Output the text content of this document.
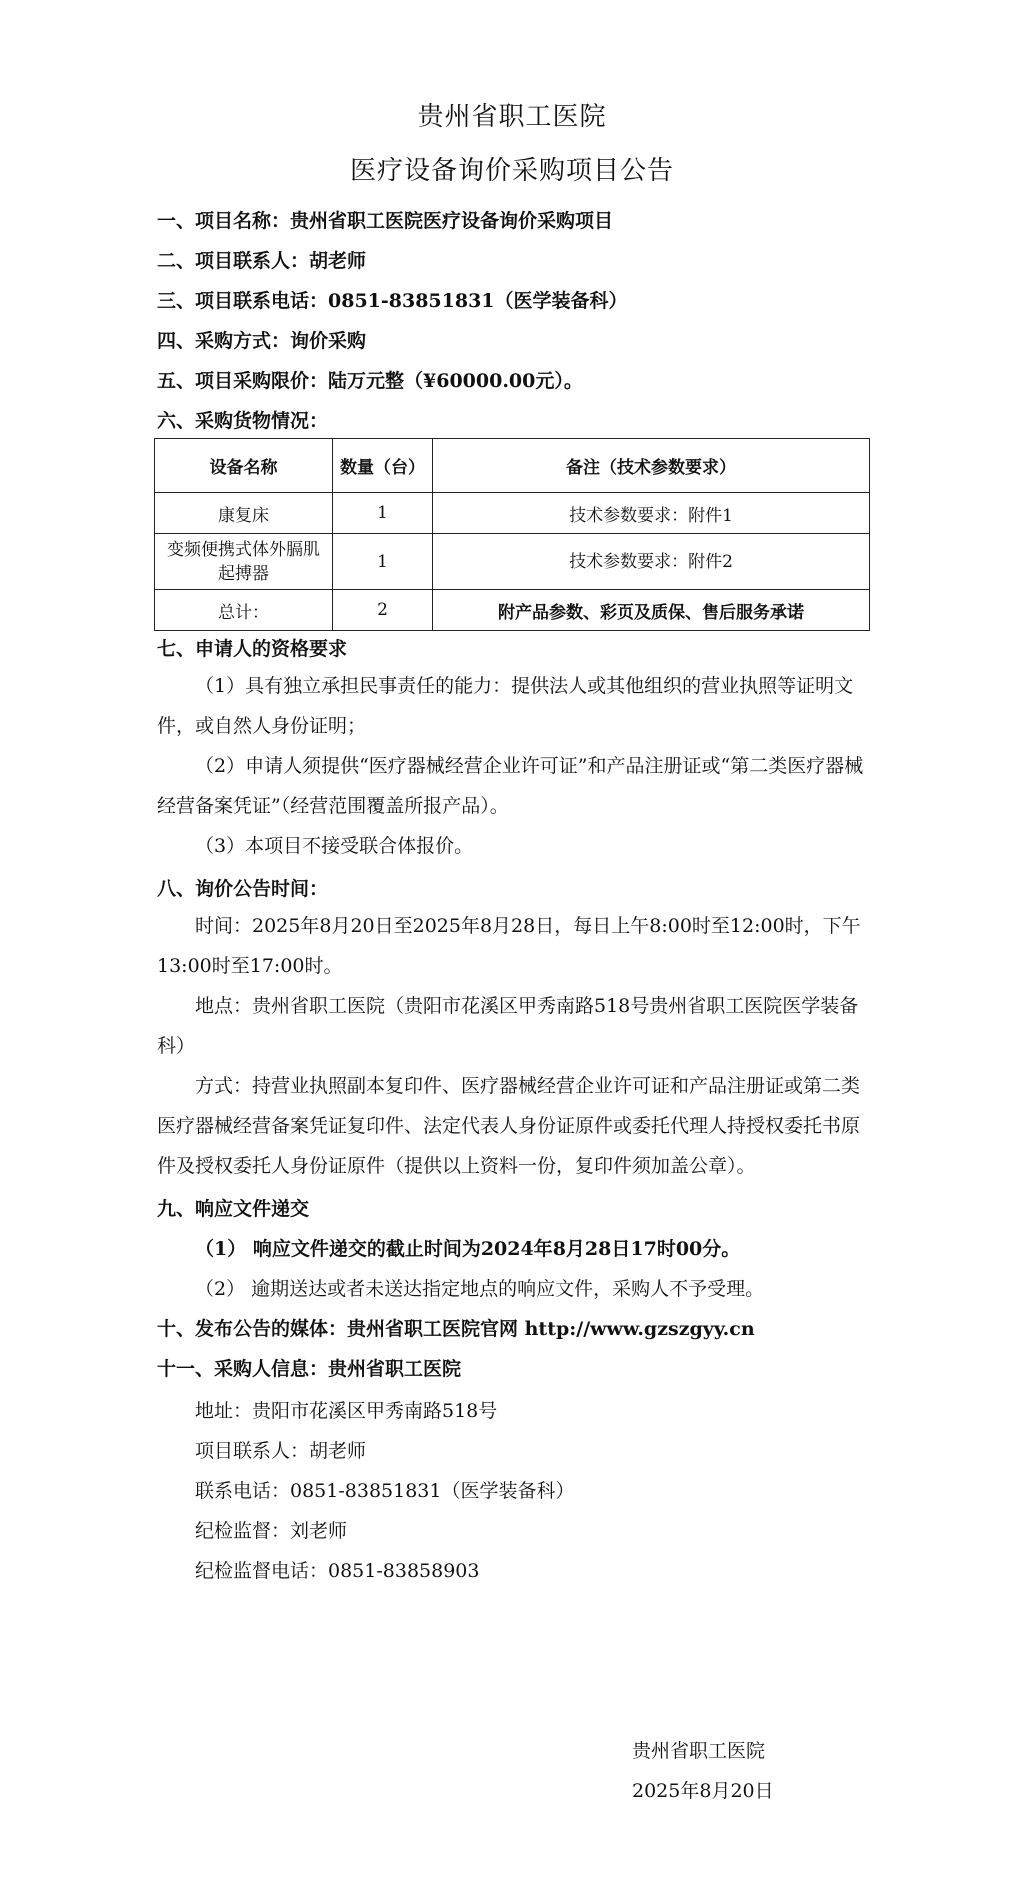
贵州省职工医院
医疗设备询价采购项目公告
一、项目名称：贵州省职工医院医疗设备询价采购项目
二、项目联系人：胡老师
三、项目联系电话：0851-83851831（医学装备科）
四、采购方式：询价采购
五、项目采购限价：陆万元整（¥60000.00元）。
六、采购货物情况：
设备名称	数量（台）	备注（技术参数要求）
康复床	1	技术参数要求：附件1
变频便携式体外膈肌起搏器	1	技术参数要求：附件2
总计：	2	附产品参数、彩页及质保、售后服务承诺
七、申请人的资格要求
（1）具有独立承担民事责任的能力：提供法人或其他组织的营业执照等证明文件，或自然人身份证明；
（2）申请人须提供“医疗器械经营企业许可证”和产品注册证或“第二类医疗器械经营备案凭证”（经营范围覆盖所报产品）。
（3）本项目不接受联合体报价。
八、询价公告时间：
时间：2025年8月20日至2025年8月28日，每日上午8:00时至12:00时，下午13:00时至17:00时。
地点：贵州省职工医院（贵阳市花溪区甲秀南路518号贵州省职工医院医学装备科）
方式：持营业执照副本复印件、医疗器械经营企业许可证和产品注册证或第二类医疗器械经营备案凭证复印件、法定代表人身份证原件或委托代理人持授权委托书原件及授权委托人身份证原件（提供以上资料一份，复印件须加盖公章）。
九、响应文件递交
（1） 响应文件递交的截止时间为2024年8月28日17时00分。
（2） 逾期送达或者未送达指定地点的响应文件，采购人不予受理。
十、发布公告的媒体：贵州省职工医院官网 http://www.gzszgyy.cn
十一、采购人信息：贵州省职工医院
地址：贵阳市花溪区甲秀南路518号
项目联系人：胡老师
联系电话：0851-83851831（医学装备科）
纪检监督：刘老师
纪检监督电话：0851-83858903
贵州省职工医院
2025年8月20日
